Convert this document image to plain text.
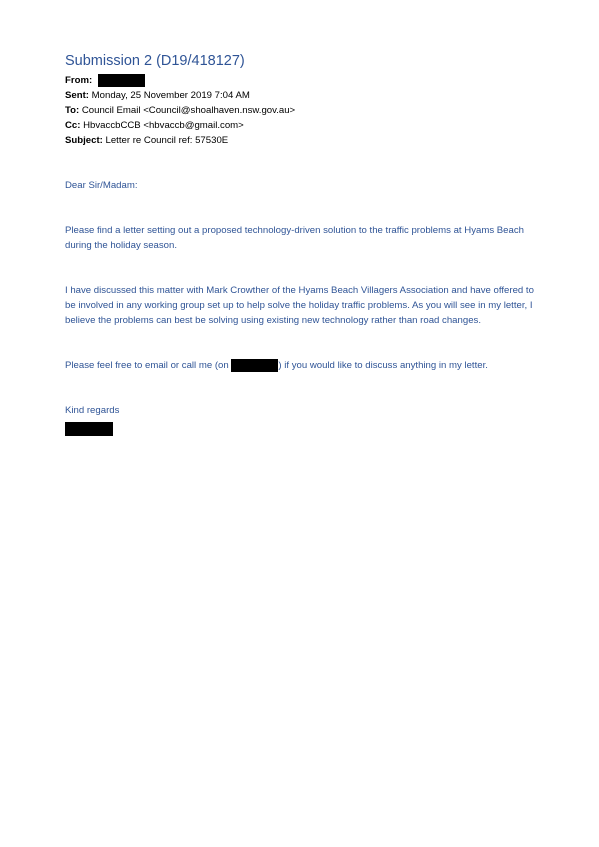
Submission 2 (D19/418127)
From:
Sent: Monday, 25 November 2019 7:04 AM
To: Council Email <Council@shoalhaven.nsw.gov.au>
Cc: HbvaccbCCB <hbvaccb@gmail.com>
Subject: Letter re Council ref: 57530E

Dear Sir/Madam:

Please find a letter setting out a proposed technology-driven solution to the traffic problems at Hyams Beach during the holiday season.

I have discussed this matter with Mark Crowther of the Hyams Beach Villagers Association and have offered to be involved in any working group set up to help solve the holiday traffic problems. As you will see in my letter, I believe the problems can best be solving using existing new technology rather than road changes.

Please feel free to email or call me (on	) if you would like to discuss anything in my letter.

Kind regards
